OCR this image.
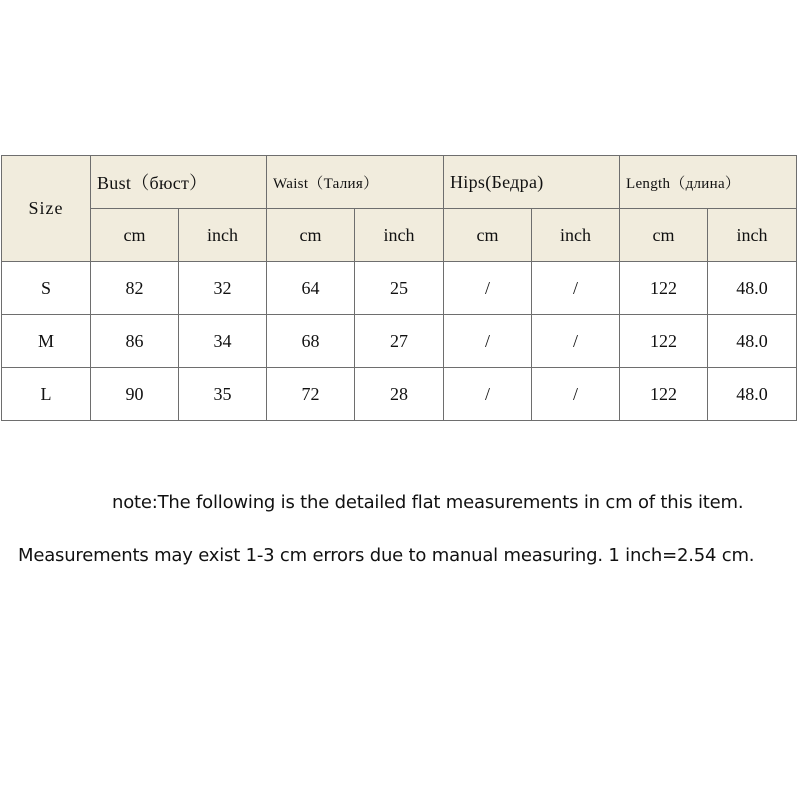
Size	Bust（бюст）		Waist（Талия）		Hips(Бедра)		Length（длина）	
	cm	inch	cm	inch	cm	inch	cm	inch
S	82	32	64	25	/	/	122	48.0
M	86	34	68	27	/	/	122	48.0
L	90	35	72	28	/	/	122	48.0
note:The following is the detailed flat measurements in cm of this item.
Measurements may exist 1-3 cm errors due to manual measuring. 1 inch=2.54 cm.
